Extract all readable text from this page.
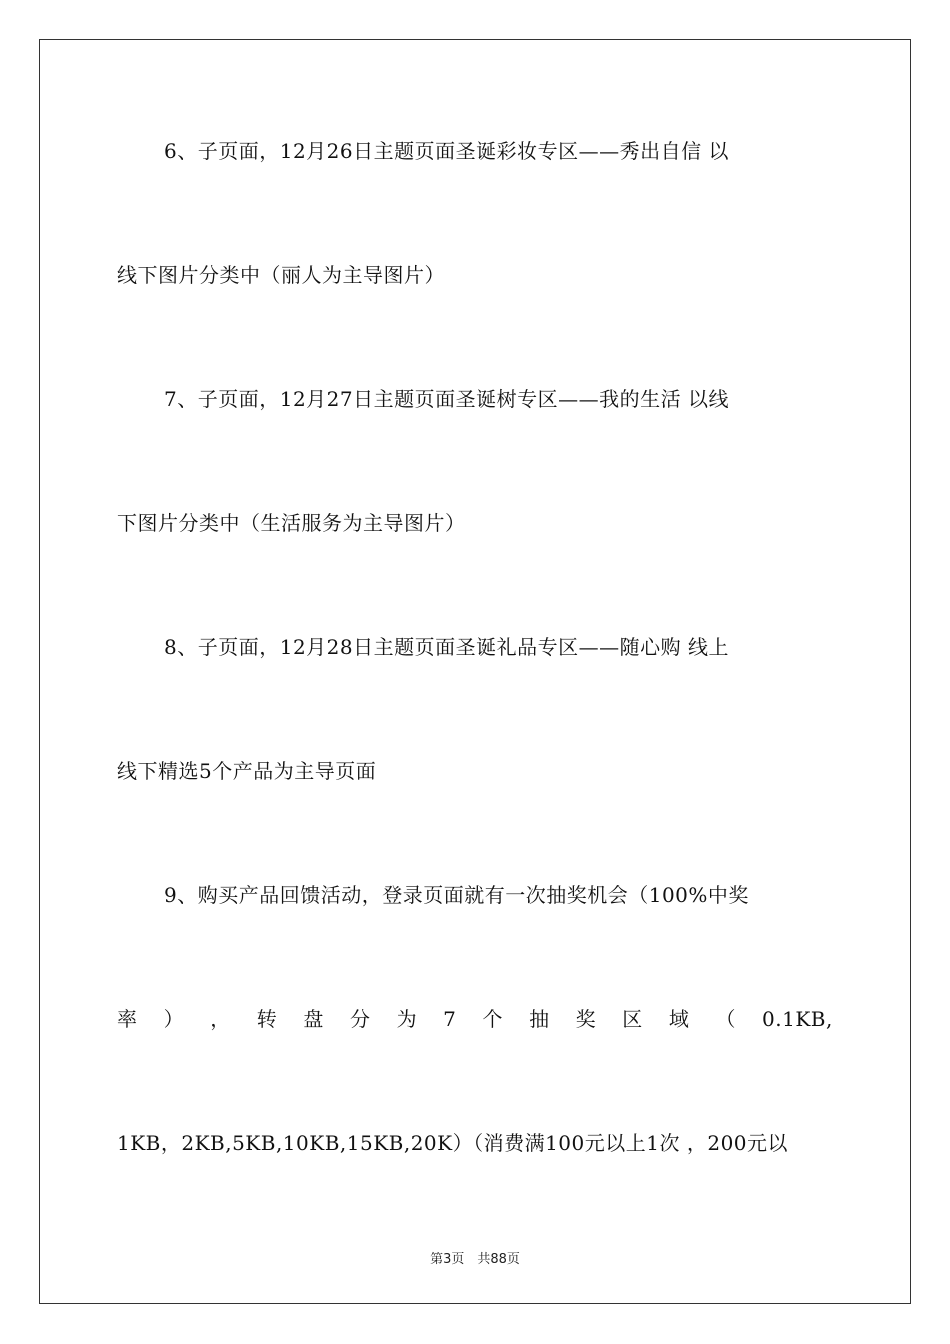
6、子页面，12月26日主题页面圣诞彩妆专区——秀出自信 以
线下图片分类中（丽人为主导图片）
7、子页面，12月27日主题页面圣诞树专区——我的生活 以线
下图片分类中（生活服务为主导图片）
8、子页面，12月28日主题页面圣诞礼品专区——随心购 线上
线下精选5个产品为主导页面
9、购买产品回馈活动，登录页面就有一次抽奖机会（100%中奖
率 ） ， 转 盘 分 为 7 个 抽 奖 区 域 （ 0.1KB,
1KB，2KB,5KB,10KB,15KB,20K）（消费满100元以上1次 ，200元以
第3页　共88页
